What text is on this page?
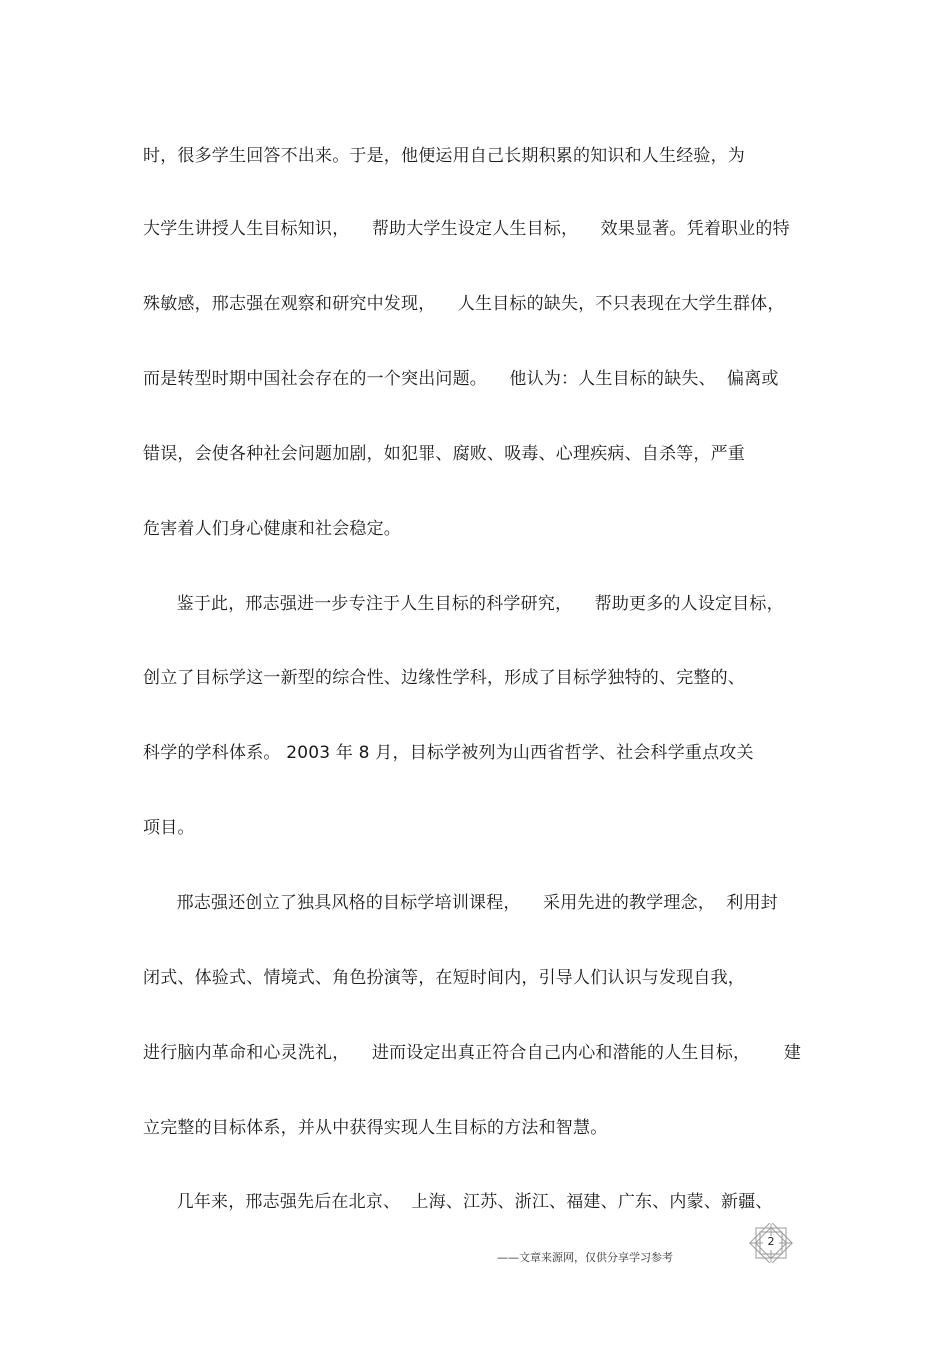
时，很多学生回答不出来。于是，他便运用自己长期积累的知识和人生经验，为
大学生讲授人生目标知识，    帮助大学生设定人生目标，    效果显著。凭着职业的特
殊敏感，邢志强在观察和研究中发现，    人生目标的缺失，不只表现在大学生群体，
而是转型时期中国社会存在的一个突出问题。    他认为：人生目标的缺失、  偏离或
错误，会使各种社会问题加剧，如犯罪、腐败、吸毒、心理疾病、自杀等，严重
危害着人们身心健康和社会稳定。
鉴于此，邢志强进一步专注于人生目标的科学研究，    帮助更多的人设定目标，
创立了目标学这一新型的综合性、边缘性学科，形成了目标学独特的、完整的、
科学的学科体系。 2003 年 8 月，目标学被列为山西省哲学、社会科学重点攻关
项目。
邢志强还创立了独具风格的目标学培训课程，    采用先进的教学理念，  利用封
闭式、体验式、情境式、角色扮演等，在短时间内，引导人们认识与发现自我，
进行脑内革命和心灵洗礼，    进而设定出真正符合自己内心和潜能的人生目标，      建
立完整的目标体系，并从中获得实现人生目标的方法和智慧。
几年来，邢志强先后在北京、  上海、江苏、浙江、福建、广东、内蒙、新疆、
2
——文章来源网，仅供分享学习参考
